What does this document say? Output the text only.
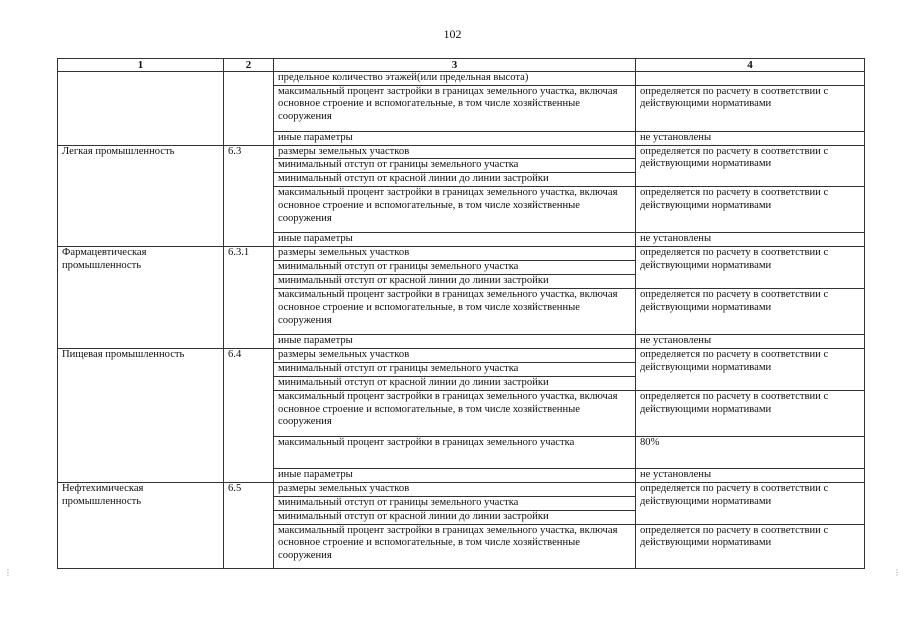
102
1	2	3	4
		предельное количество этажей(или предельная высота)	
		максимальный процент застройки в границах земельного участка, включая основное строение и вспомогательные, в том числе хозяйственные сооружения	определяется по расчету в соответствии с действующими нормативами
		иные параметры	не установлены
Легкая промышленность	6.3	размеры земельных участков	определяется по расчету в соответствии с действующими нормативами
		минимальный отступ от границы земельного участка	
		минимальный отступ от красной линии до линии застройки	
		максимальный процент застройки в границах земельного участка, включая основное строение и вспомогательные, в том числе хозяйственные сооружения	определяется по расчету в соответствии с действующими нормативами
		иные параметры	не установлены
Фармацевтическая промышленность	6.3.1	размеры земельных участков	определяется по расчету в соответствии с действующими нормативами
		минимальный отступ от границы земельного участка	
		минимальный отступ от красной линии до линии застройки	
		максимальный процент застройки в границах земельного участка, включая основное строение и вспомогательные, в том числе хозяйственные сооружения	определяется по расчету в соответствии с действующими нормативами
		иные параметры	не установлены
Пищевая промышленность	6.4	размеры земельных участков	определяется по расчету в соответствии с действующими нормативами
		минимальный отступ от границы земельного участка	
		минимальный отступ от красной линии до линии застройки	
		максимальный процент застройки в границах земельного участка, включая основное строение и вспомогательные, в том числе хозяйственные сооружения	определяется по расчету в соответствии с действующими нормативами
		максимальный процент застройки в границах земельного участка	80%
		иные параметры	не установлены
Нефтехимическая промышленность	6.5	размеры земельных участков	определяется по расчету в соответствии с действующими нормативами
		минимальный отступ от границы земельного участка	
		минимальный отступ от красной линии до линии застройки	
		максимальный процент застройки в границах земельного участка, включая основное строение и вспомогательные, в том числе хозяйственные сооружения	определяется по расчету в соответствии с действующими нормативами
⋮	⋮
